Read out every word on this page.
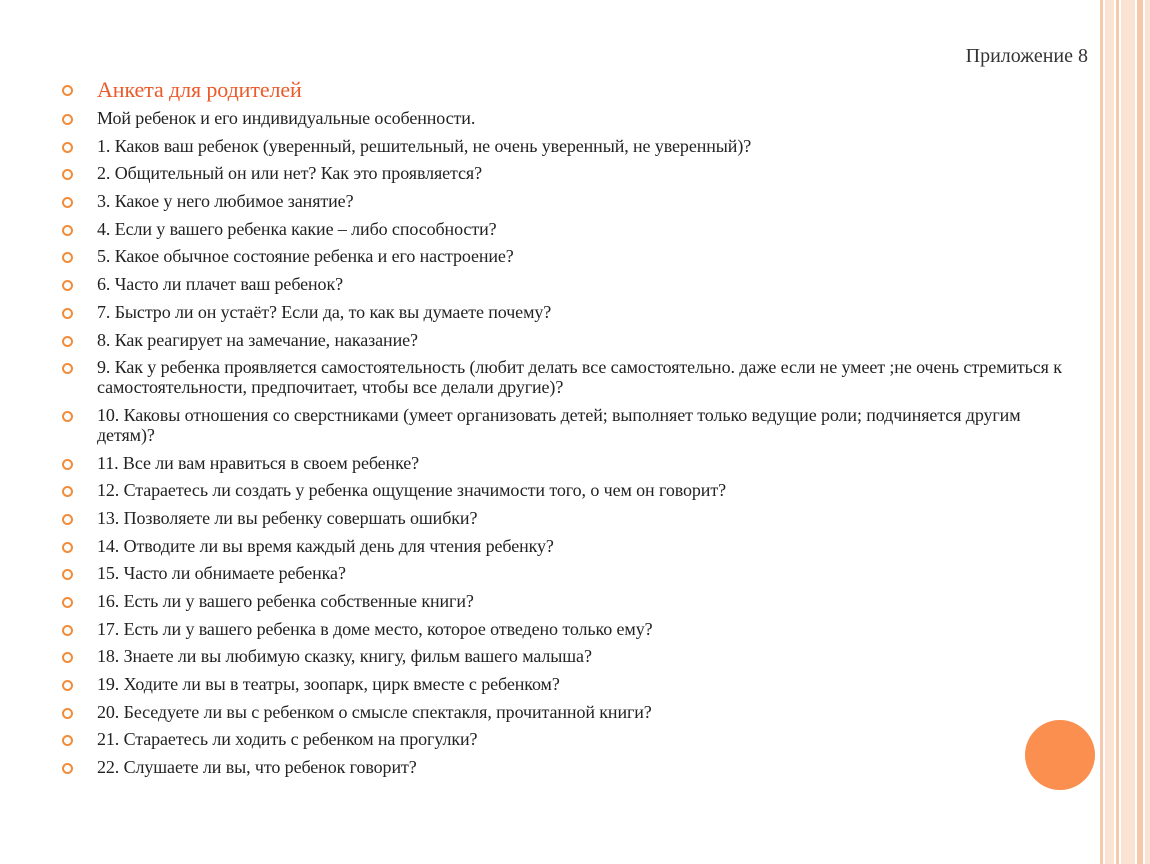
Приложение 8
Анкета для родителей
Мой ребенок и его индивидуальные особенности.
1. Каков ваш ребенок (уверенный, решительный, не очень уверенный, не уверенный)?
2. Общительный он или нет? Как это проявляется?
3. Какое у него любимое занятие?
4. Если у вашего ребенка какие – либо способности?
5. Какое обычное состояние ребенка и его настроение?
6. Часто ли плачет ваш ребенок?
7. Быстро ли он устаёт? Если да, то как вы думаете почему?
8. Как реагирует на замечание, наказание?
9. Как у ребенка проявляется самостоятельность (любит делать все самостоятельно. даже если не умеет ;не очень стремиться к самостоятельности, предпочитает, чтобы все делали другие)?
10. Каковы отношения со сверстниками (умеет организовать детей; выполняет только ведущие роли; подчиняется другим детям)?
11. Все ли вам нравиться в своем ребенке?
12. Стараетесь ли создать у ребенка ощущение значимости того, о чем он говорит?
13. Позволяете ли вы ребенку совершать ошибки?
14. Отводите ли вы время каждый день для чтения ребенку?
15. Часто ли обнимаете ребенка?
16. Есть ли у вашего ребенка собственные книги?
17. Есть ли у вашего ребенка в доме место, которое отведено только ему?
18. Знаете ли вы любимую сказку, книгу, фильм вашего малыша?
19. Ходите ли вы в театры, зоопарк, цирк вместе с ребенком?
20. Беседуете ли вы с ребенком о смысле спектакля, прочитанной книги?
21. Стараетесь ли ходить с ребенком на прогулки?
22. Слушаете ли вы, что ребенок говорит?
